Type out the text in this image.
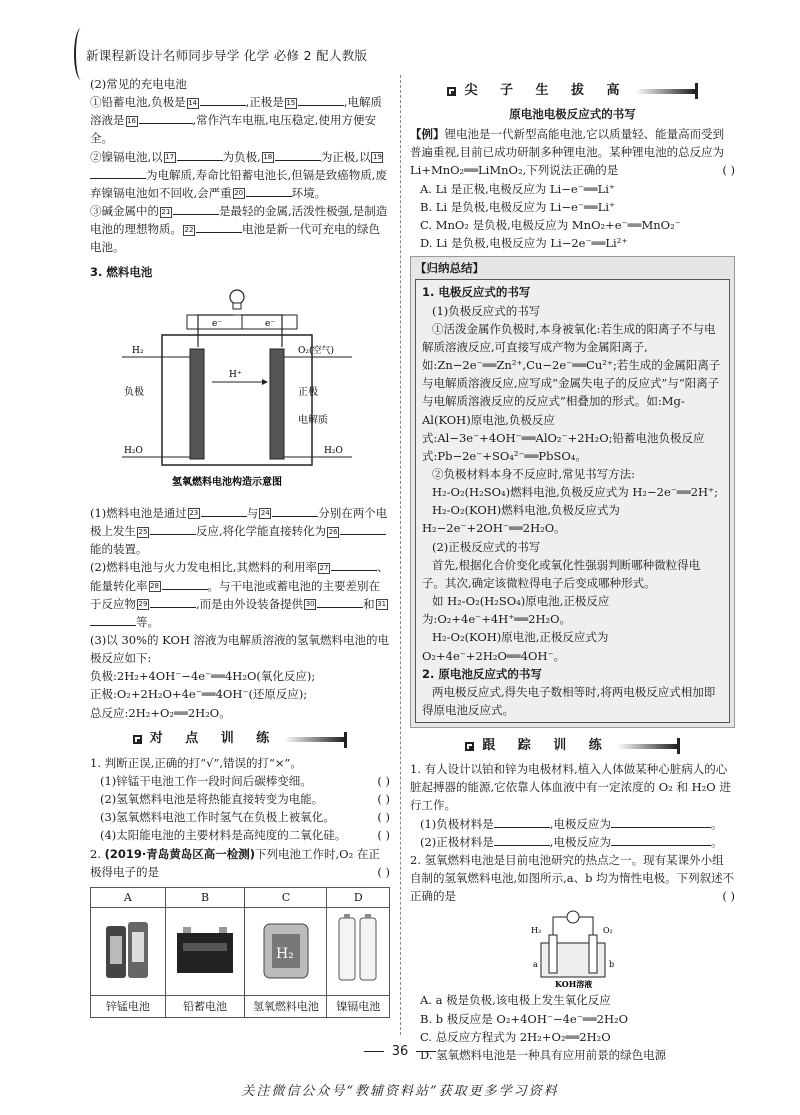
新课程新设计名师同步导学 化学 必修 2 配人教版

(2)常见的充电电池

①铅蓄电池,负极是 14	,正极是 15	,电解质溶液是 16	,常作汽车电瓶,电压稳定,使用方便安全。

②镍镉电池,以 17	为负极, 18	为正极,以 19为电解质,寿命比铅蓄电池长,但镉是致癌物质,废弃镍镉电池如不回收,会严重 20	环境。

③碱金属中的 21	是最轻的金属,活泼性极强,是制造电池的理想物质。 22	电池是新一代可充电的绿色电池。

3. 燃料电池

e⁻	e⁻
H₂	O₂(空气)
H⁺
负极	正极
电解质
H₂O	H₂O
氢氧燃料电池构造示意图

(1)燃料电池是通过 23	与 24	分别在两个电极上发生 25	反应,将化学能直接转化为 26能的装置。

(2)燃料电池与火力发电相比,其燃料的利用率 27	、能量转化率 28	。与干电池或蓄电池的主要差别在于反应物 29	,而是由外设装备提供 30	和 31等。

(3)以 30%的 KOH 溶液为电解质溶液的氢氧燃料电池的电极反应如下:

负极:2H₂+4OH⁻−4e⁻══4H₂O(氧化反应);

正极:O₂+2H₂O+4e⁻══4OH⁻(还原反应);

总反应:2H₂+O₂══2H₂O。

对 点 训 练

1. 判断正误,正确的打“√”,错误的打“×”。

(1)锌锰干电池工作一段时间后碳棒变细。	( )

(2)氢氧燃料电池是将热能直接转变为电能。	( )

(3)氢氧燃料电池工作时氢气在负极上被氧化。	( )

(4)太阳能电池的主要材料是高纯度的二氧化硅。	( )

2. (2019·青岛黄岛区高一检测)下列电池工作时,O₂ 在正极得电子的是	( )

A	B	C	D

H₂

锌锰电池	铅蓄电池	氢氧燃料电池	镍镉电池
尖 子 生 拔 高

原电池电极反应式的书写

【例】锂电池是一代新型高能电池,它以质量轻、能量高而受到普遍重视,目前已成功研制多种锂电池。某种锂电池的总反应为Li+MnO₂══LiMnO₂,下列说法正确的是	( )

A. Li 是正极,电极反应为 Li−e⁻══Li⁺

B. Li 是负极,电极反应为 Li−e⁻══Li⁺

C. MnO₂ 是负极,电极反应为 MnO₂+e⁻══MnO₂⁻

D. Li 是负极,电极反应为 Li−2e⁻══Li²⁺

【归纳总结】

1. 电极反应式的书写

(1)负极反应式的书写

①活泼金属作负极时,本身被氧化:若生成的阳离子不与电解质溶液反应,可直接写成产物为金属阳离子,如:Zn−2e⁻══Zn²⁺,Cu−2e⁻══Cu²⁺;若生成的金属阳离子与电解质溶液反应,应写成“金属失电子的反应式”与“阳离子与电解质溶液反应的反应式”相叠加的形式。如:Mg-Al(KOH)原电池,负极反应式:Al−3e⁻+4OH⁻══AlO₂⁻+2H₂O;铅蓄电池负极反应式:Pb−2e⁻+SO₄²⁻══PbSO₄。

②负极材料本身不反应时,常见书写方法:

H₂-O₂(H₂SO₄)燃料电池,负极反应式为 H₂−2e⁻══2H⁺;

H₂-O₂(KOH)燃料电池,负极反应式为 H₂−2e⁻+2OH⁻══2H₂O。

(2)正极反应式的书写

首先,根据化合价变化或氧化性强弱判断哪种微粒得电子。其次,确定该微粒得电子后变成哪种形式。

如 H₂-O₂(H₂SO₄)原电池,正极反应为:O₂+4e⁻+4H⁺══2H₂O。

H₂-O₂(KOH)原电池,正极反应式为 O₂+4e⁻+2H₂O══4OH⁻。

2. 原电池反应式的书写

两电极反应式,得失电子数相等时,将两电极反应式相加即得原电池反应式。

跟 踪 训 练

1. 有人设计以铂和锌为电极材料,植入人体做某种心脏病人的心脏起搏器的能源,它依靠人体血液中有一定浓度的 O₂ 和 H₂O 进行工作。

(1)负极材料是	,电极反应为	。

(2)正极材料是	,电极反应为	。

2. 氢氧燃料电池是目前电池研究的热点之一。现有某课外小组自制的氢氧燃料电池,如图所示,a、b 均为惰性电极。下列叙述不正确的是	( )

H₂	O₂
a	b
KOH溶液

A. a 极是负极,该电极上发生氧化反应

B. b 极反应是 O₂+4OH⁻−4e⁻══2H₂O

C. 总反应方程式为 2H₂+O₂══2H₂O

D. 氢氧燃料电池是一种具有应用前景的绿色电源

36
关注微信公众号“教辅资料站”获取更多学习资料
